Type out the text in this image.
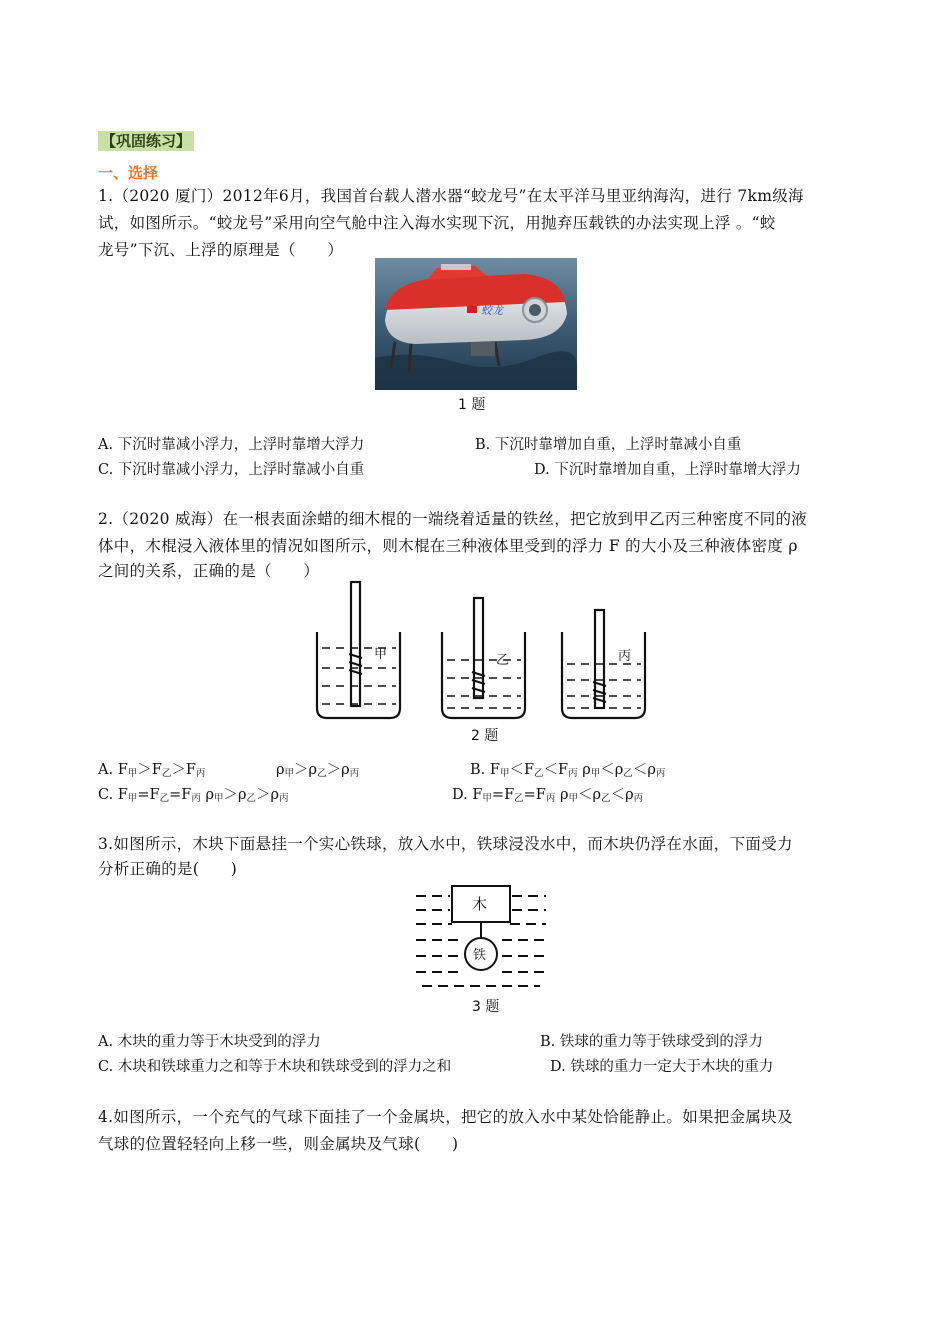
【巩固练习】
一、选择
1.（2020 厦门）2012年6月，我国首台载人潜水器“蛟龙号”在太平洋马里亚纳海沟，进行 7km级海
试，如图所示。“蛟龙号”采用向空气舱中注入海水实现下沉，用抛弃压载铁的办法实现上浮 。“蛟
龙号”下沉、上浮的原理是（　　）
蛟龙
1 题
A. 下沉时靠减小浮力，上浮时靠增大浮力	B. 下沉时靠增加自重，上浮时靠减小自重
C. 下沉时靠减小浮力，上浮时靠减小自重	D. 下沉时靠增加自重，上浮时靠增大浮力
2.（2020 威海）在一根表面涂蜡的细木棍的一端绕着适量的铁丝，把它放到甲乙丙三种密度不同的液
体中，木棍浸入液体里的情况如图所示，则木棍在三种液体里受到的浮力 F 的大小及三种液体密度 ρ
之间的关系，正确的是（　　）
甲	乙	丙
2 题
A. $F_甲>F_乙>F_丙$	$\rho_甲>\rho_乙>\rho_丙$	B. $F_甲<F_乙<F_丙$ $\rho_甲<\rho_乙<\rho_丙$
C. $F_甲=F_乙=F_丙$ $\rho_甲>\rho_乙>\rho_丙$	D. $F_甲=F_乙=F_丙$ $\rho_甲<\rho_乙<\rho_丙$
3.如图所示，木块下面悬挂一个实心铁球，放入水中，铁球浸没水中，而木块仍浮在水面，下面受力
分析正确的是(　　)
木
铁
3 题
A. 木块的重力等于木块受到的浮力	B. 铁球的重力等于铁球受到的浮力
C. 木块和铁球重力之和等于木块和铁球受到的浮力之和	D. 铁球的重力一定大于木块的重力
4.如图所示，一个充气的气球下面挂了一个金属块，把它的放入水中某处恰能静止。如果把金属块及
气球的位置轻轻向上移一些，则金属块及气球(　　)
